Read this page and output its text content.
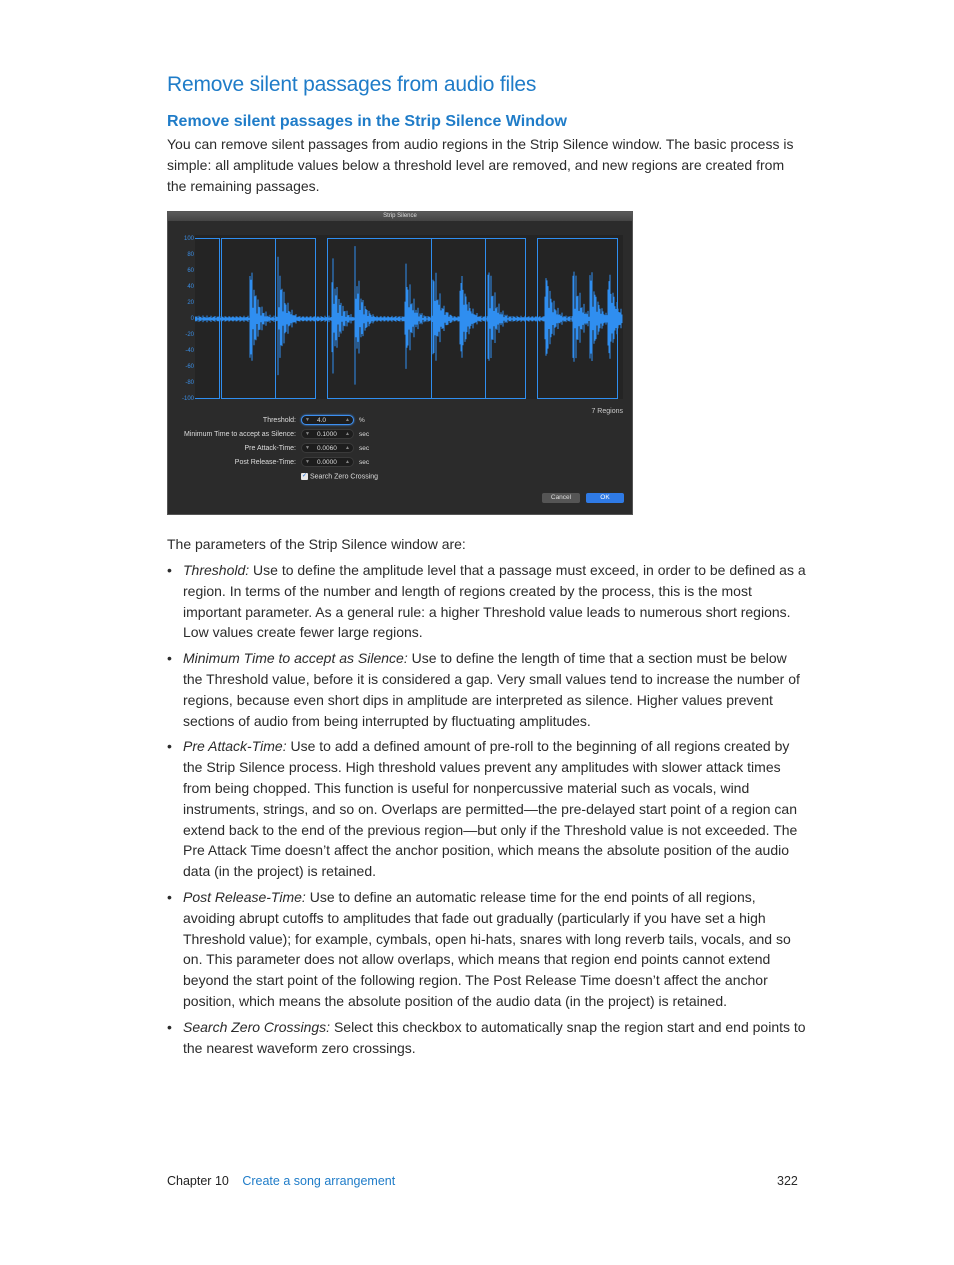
Remove silent passages from audio files
Remove silent passages in the Strip Silence Window

You can remove silent passages from audio regions in the Strip Silence window. The basic process is simple: all amplitude values below a threshold level are removed, and new regions are created from the remaining passages.

Strip Silence
100
80
60
40
20
0
-20
-40
-60
-80
-100
7 Regions
Threshold: ▼ 4.0	▲ %
Minimum Time to accept as Silence: ▼ 0.1000 ▲ sec
Pre Attack-Time: ▼ 0.0060 ▲ sec
Post Release-Time: ▼ 0.0000 ▲ sec
✓ Search Zero Crossing
Cancel	OK

The parameters of the Strip Silence window are:

• Threshold: Use to define the amplitude level that a passage must exceed, in order to be defined as a region. In terms of the number and length of regions created by the process, this is the most important parameter. As a general rule: a higher Threshold value leads to numerous short regions. Low values create fewer large regions.
• Minimum Time to accept as Silence: Use to define the length of time that a section must be below the Threshold value, before it is considered a gap. Very small values tend to increase the number of regions, because even short dips in amplitude are interpreted as silence. Higher values prevent sections of audio from being interrupted by fluctuating amplitudes.
• Pre Attack-Time: Use to add a defined amount of pre-roll to the beginning of all regions created by the Strip Silence process. High threshold values prevent any amplitudes with slower attack times from being chopped. This function is useful for nonpercussive material such as vocals, wind instruments, strings, and so on. Overlaps are permitted—the pre-delayed start point of a region can extend back to the end of the previous region—but only if the Threshold value is not exceeded. The Pre Attack Time doesn’t affect the anchor position, which means the absolute position of the audio data (in the project) is retained.
• Post Release-Time: Use to define an automatic release time for the end points of all regions, avoiding abrupt cutoffs to amplitudes that fade out gradually (particularly if you have set a high Threshold value); for example, cymbals, open hi-hats, snares with long reverb tails, vocals, and so on. This parameter does not allow overlaps, which means that region end points cannot extend beyond the start point of the following region. The Post Release Time doesn’t affect the anchor position, which means the absolute position of the audio data (in the project) is retained.
• Search Zero Crossings: Select this checkbox to automatically snap the region start and end points to the nearest waveform zero crossings.
Chapter 10 Create a song arrangement	322
